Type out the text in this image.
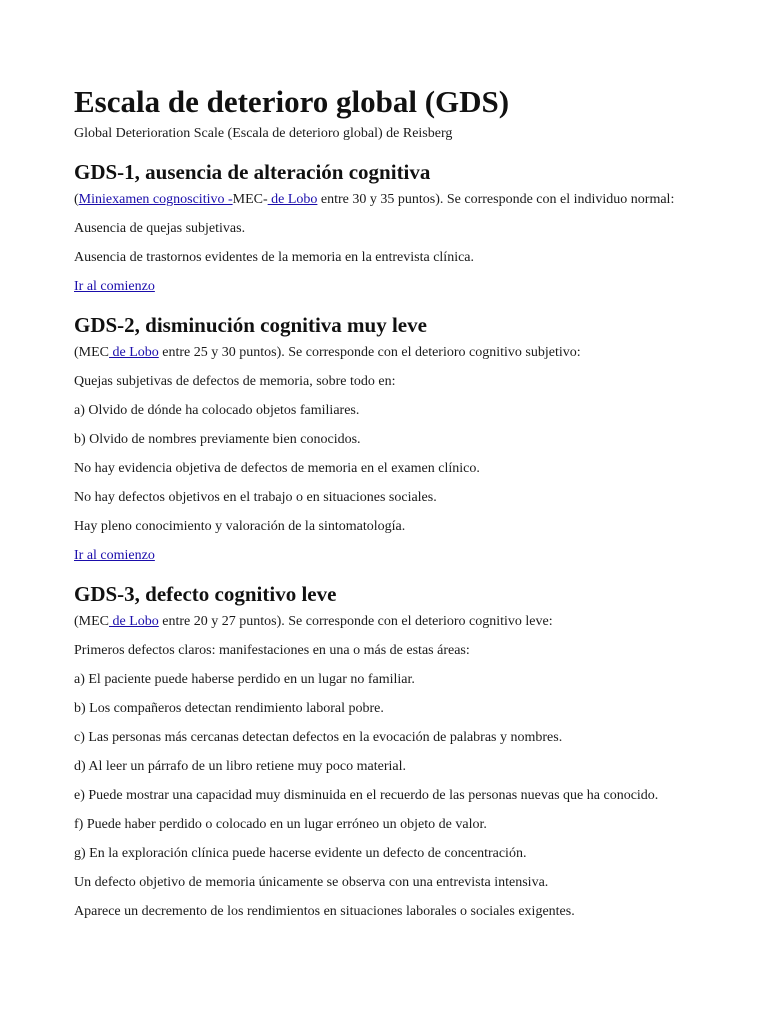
Escala de deterioro global (GDS)

Global Deterioration Scale (Escala de deterioro global) de Reisberg

GDS-1, ausencia de alteración cognitiva

(Miniexamen cognoscitivo -MEC- de Lobo entre 30 y 35 puntos). Se corresponde con el individuo normal:

Ausencia de quejas subjetivas.

Ausencia de trastornos evidentes de la memoria en la entrevista clínica.

Ir al comienzo

GDS-2, disminución cognitiva muy leve

(MEC de Lobo entre 25 y 30 puntos). Se corresponde con el deterioro cognitivo subjetivo:

Quejas subjetivas de defectos de memoria, sobre todo en:

a) Olvido de dónde ha colocado objetos familiares.

b) Olvido de nombres previamente bien conocidos.

No hay evidencia objetiva de defectos de memoria en el examen clínico.

No hay defectos objetivos en el trabajo o en situaciones sociales.

Hay pleno conocimiento y valoración de la sintomatología.

Ir al comienzo

GDS-3, defecto cognitivo leve

(MEC de Lobo entre 20 y 27 puntos). Se corresponde con el deterioro cognitivo leve:

Primeros defectos claros: manifestaciones en una o más de estas áreas:

a) El paciente puede haberse perdido en un lugar no familiar.

b) Los compañeros detectan rendimiento laboral pobre.

c) Las personas más cercanas detectan defectos en la evocación de palabras y nombres.

d) Al leer un párrafo de un libro retiene muy poco material.

e) Puede mostrar una capacidad muy disminuida en el recuerdo de las personas nuevas que ha conocido.

f) Puede haber perdido o colocado en un lugar erróneo un objeto de valor.

g) En la exploración clínica puede hacerse evidente un defecto de concentración.

Un defecto objetivo de memoria únicamente se observa con una entrevista intensiva.

Aparece un decremento de los rendimientos en situaciones laborales o sociales exigentes.
